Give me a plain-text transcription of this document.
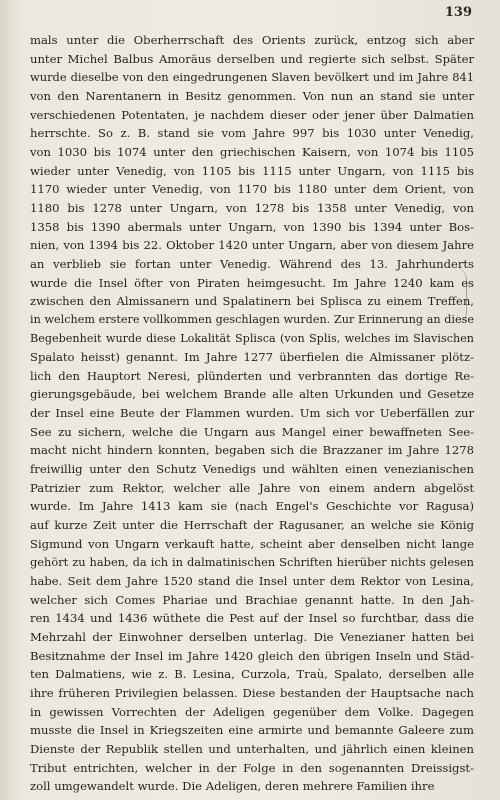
139
mals unter die Oberherrschaft des Orients zurück, entzog sich aber
unter Michel Balbus Amoräus derselben und regierte sich selbst. Später
wurde dieselbe von den eingedrungenen Slaven bevölkert und im Jahre 841
von den Narentanern in Besitz genommen. Von nun an stand sie unter
verschiedenen Potentaten, je nachdem dieser oder jener über Dalmatien
herrschte. So z. B. stand sie vom Jahre 997 bis 1030 unter Venedig,
von 1030 bis 1074 unter den griechischen Kaisern, von 1074 bis 1105
wieder unter Venedig, von 1105 bis 1115 unter Ungarn, von 1115 bis
1170 wieder unter Venedig, von 1170 bis 1180 unter dem Orient, von
1180 bis 1278 unter Ungarn, von 1278 bis 1358 unter Venedig, von
1358 bis 1390 abermals unter Ungarn, von 1390 bis 1394 unter Bos-
nien, von 1394 bis 22. Oktober 1420 unter Ungarn, aber von diesem Jahre
an verblieb sie fortan unter Venedig. Während des 13. Jahrhunderts
wurde die Insel öfter von Piraten heimgesucht. Im Jahre 1240 kam es
zwischen den Almissanern und Spalatinern bei Splisca zu einem Treffen,
in welchem erstere vollkommen geschlagen wurden. Zur Erinnerung an diese
Begebenheit wurde diese Lokalität Splisca (von Splis, welches im Slavischen
Spalato heisst) genannt. Im Jahre 1277 überfielen die Almissaner plötz-
lich den Hauptort Neresi, plünderten und verbrannten das dortige Re-
gierungsgebäude, bei welchem Brande alle alten Urkunden und Gesetze
der Insel eine Beute der Flammen wurden. Um sich vor Ueberfällen zur
See zu sichern, welche die Ungarn aus Mangel einer bewaffneten See-
macht nicht hindern konnten, begaben sich die Brazzaner im Jahre 1278
freiwillig unter den Schutz Venedigs und wählten einen venezianischen
Patrizier zum Rektor, welcher alle Jahre von einem andern abgelöst
wurde. Im Jahre 1413 kam sie (nach Engel's Geschichte vor Ragusa)
auf kurze Zeit unter die Herrschaft der Ragusaner, an welche sie König
Sigmund von Ungarn verkauft hatte, scheint aber denselben nicht lange
gehört zu haben, da ich in dalmatinischen Schriften hierüber nichts gelesen
habe. Seit dem Jahre 1520 stand die Insel unter dem Rektor von Lesina,
welcher sich Comes Phariae und Brachiae genannt hatte. In den Jah-
ren 1434 und 1436 wüthete die Pest auf der Insel so furchtbar, dass die
Mehrzahl der Einwohner derselben unterlag. Die Venezianer hatten bei
Besitznahme der Insel im Jahre 1420 gleich den übrigen Inseln und Städ-
ten Dalmatiens, wie z. B. Lesina, Curzola, Traù, Spalato, derselben alle
ihre früheren Privilegien belassen. Diese bestanden der Hauptsache nach
in gewissen Vorrechten der Adeligen gegenüber dem Volke. Dagegen
musste die Insel in Kriegszeiten eine armirte und bemannte Galeere zum
Dienste der Republik stellen und unterhalten, und jährlich einen kleinen
Tribut entrichten, welcher in der Folge in den sogenannten Dreissigst-
zoll umgewandelt wurde. Die Adeligen, deren mehrere Familien ihre
